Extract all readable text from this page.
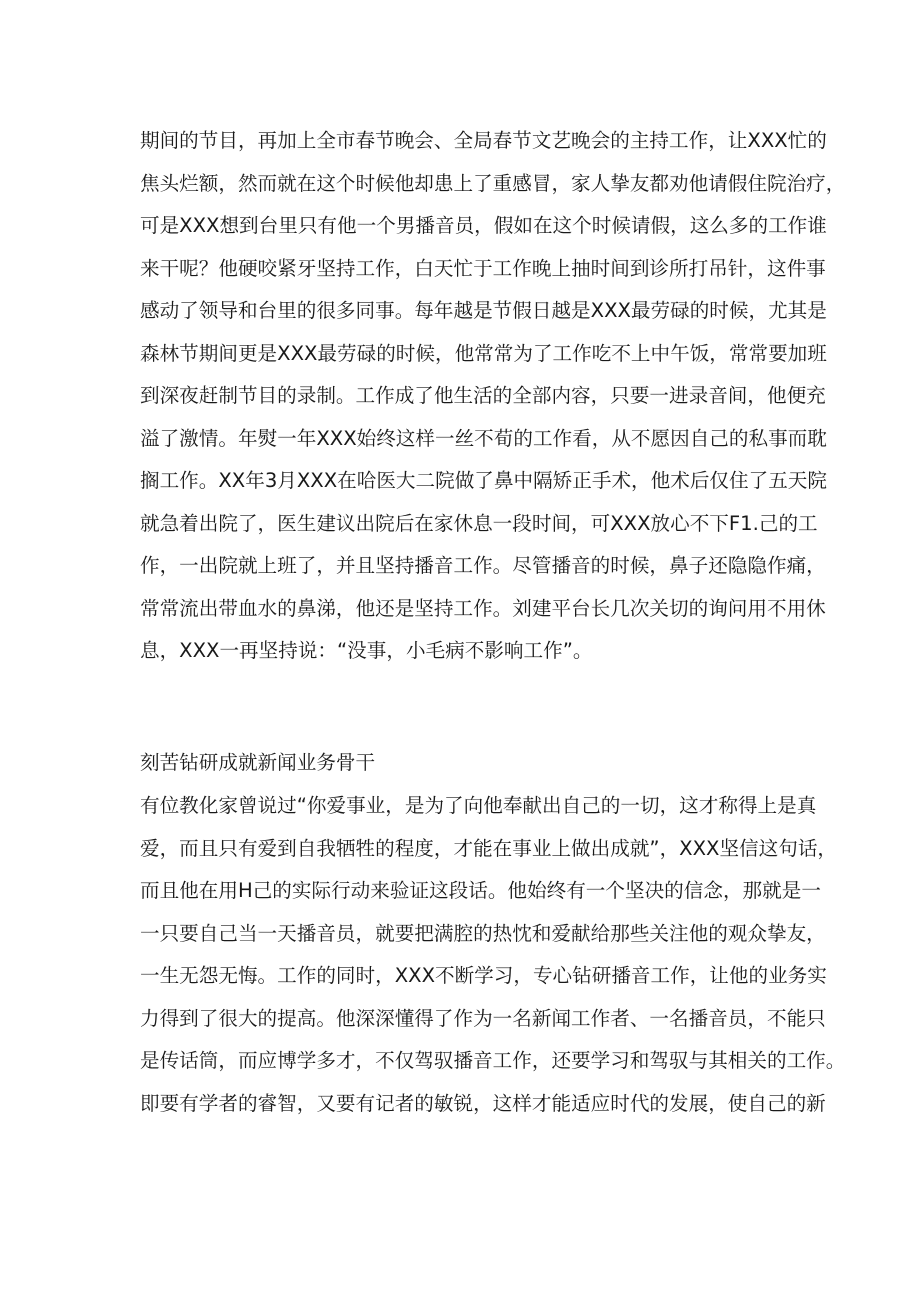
期间的节目，再加上全市春节晚会、全局春节文艺晚会的主持工作，让XXX忙的
焦头烂额，然而就在这个时候他却患上了重感冒，家人挚友都劝他请假住院治疗，
可是XXX想到台里只有他一个男播音员，假如在这个时候请假，这么多的工作谁
来干呢？他硬咬紧牙坚持工作，白天忙于工作晚上抽时间到诊所打吊针，这件事
感动了领导和台里的很多同事。每年越是节假日越是XXX最劳碌的时候，尤其是
森林节期间更是XXX最劳碌的时候，他常常为了工作吃不上中午饭，常常要加班
到深夜赶制节目的录制。工作成了他生活的全部内容，只要一进录音间，他便充
溢了激情。年熨一年XXX始终这样一丝不荀的工作看，从不愿因自己的私事而耽
搁工作。XX年3月XXX在哈医大二院做了鼻中隔矫正手术，他术后仅住了五天院
就急着出院了，医生建议出院后在家休息一段时间，可XXX放心不下F1.己的工
作，一出院就上班了，并且坚持播音工作。尽管播音的时候，鼻子还隐隐作痛，
常常流出带血水的鼻涕，他还是坚持工作。刘建平台长几次关切的询问用不用休
息，XXX一再坚持说：“没事，小毛病不影响工作”。
刻苦钻研成就新闻业务骨干
有位教化家曾说过“你爱事业，是为了向他奉献出自己的一切，这才称得上是真
爱，而且只有爱到自我牺牲的程度，才能在事业上做出成就”，XXX坚信这句话，
而且他在用H己的实际行动来验证这段话。他始终有一个坚决的信念，那就是一
一只要自己当一天播音员，就要把满腔的热忱和爱献给那些关注他的观众挚友，
一生无怨无悔。工作的同时，XXX不断学习，专心钻研播音工作，让他的业务实
力得到了很大的提高。他深深懂得了作为一名新闻工作者、一名播音员，不能只
是传话筒，而应博学多才，不仅驾驭播音工作，还要学习和驾驭与其相关的工作。
即要有学者的睿智，又要有记者的敏锐，这样才能适应时代的发展，使自己的新
